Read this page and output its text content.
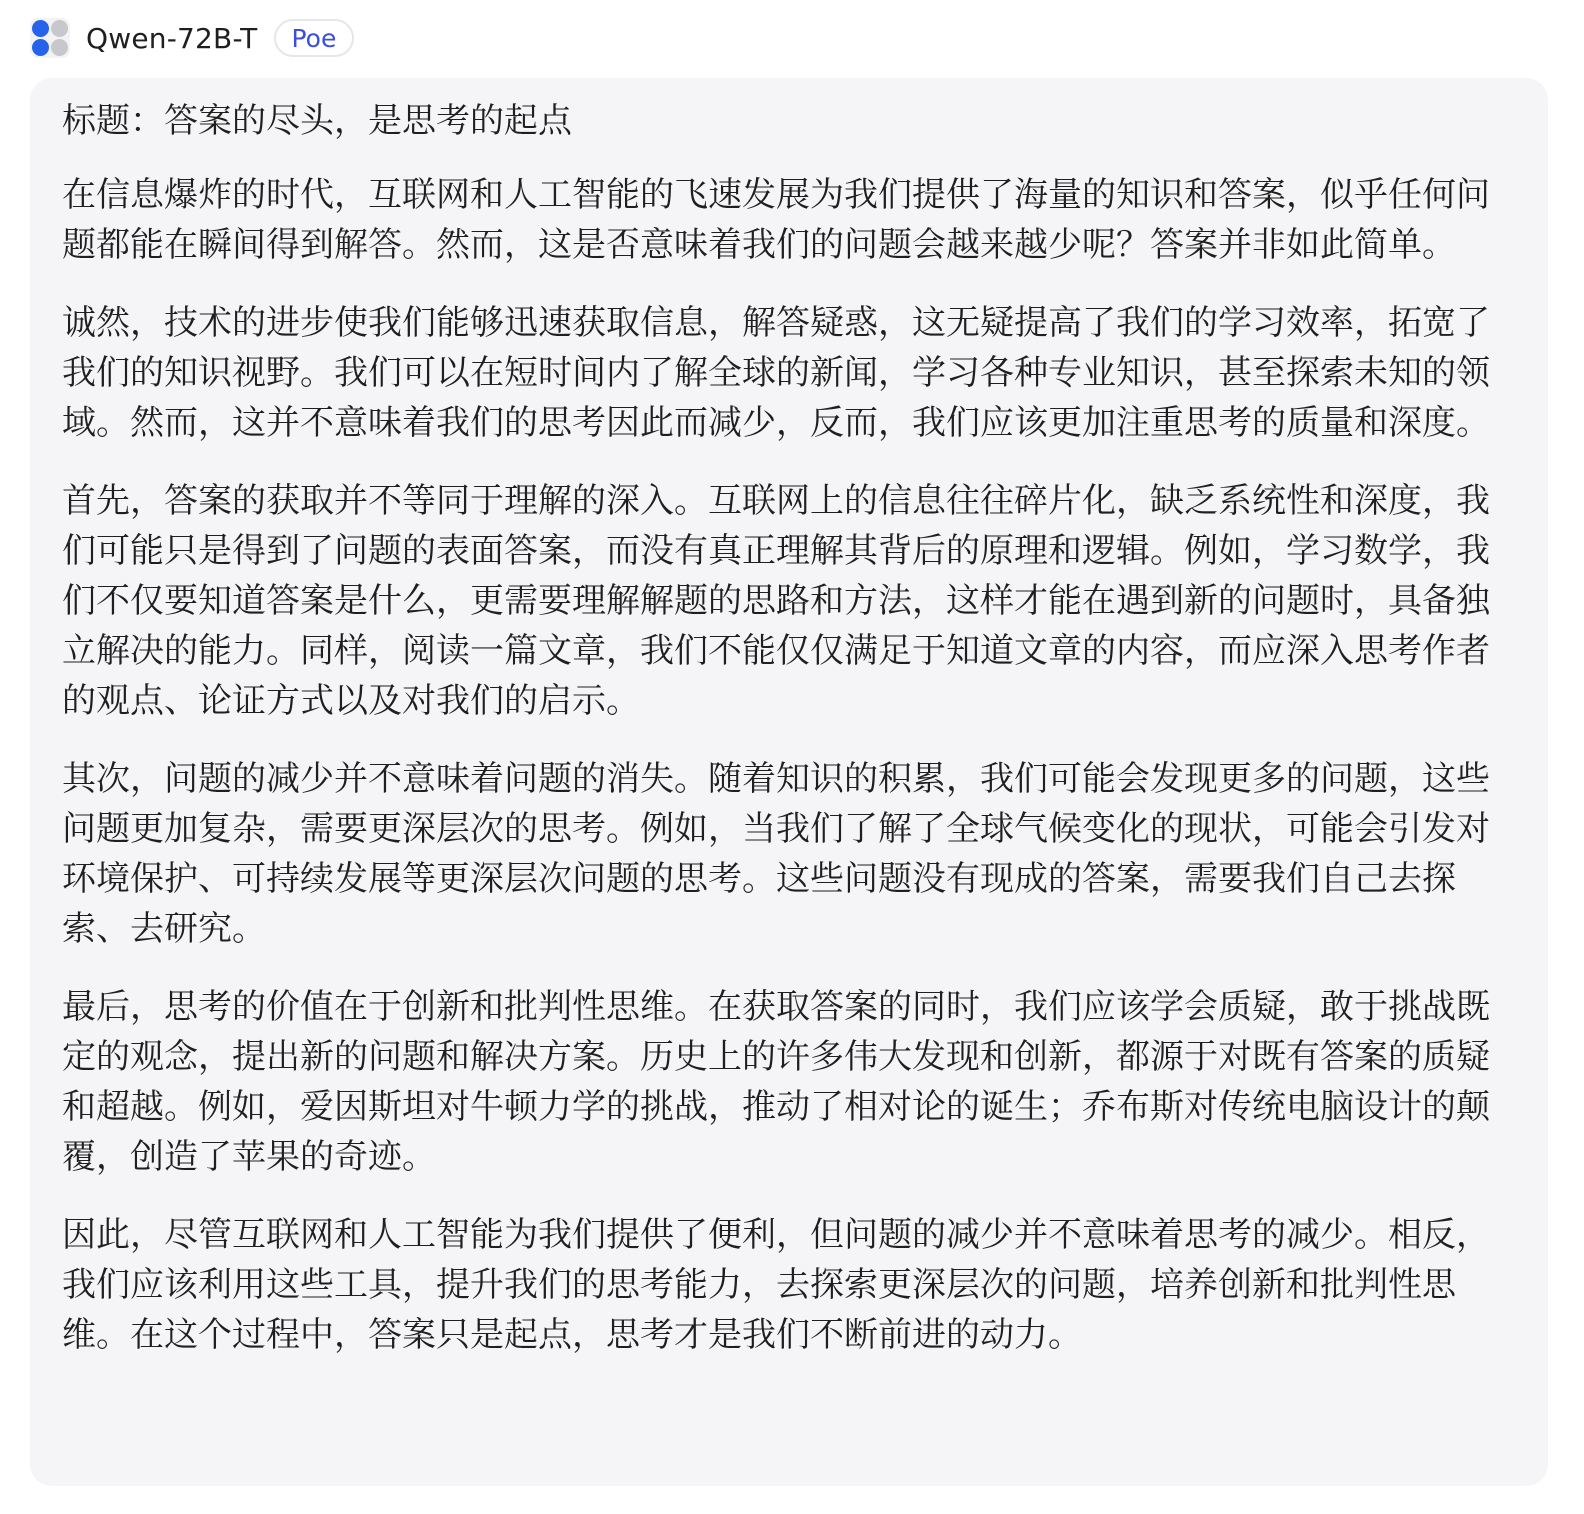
Qwen-72B-T	Poe

标题：答案的尽头，是思考的起点

在信息爆炸的时代，互联网和人工智能的飞速发展为我们提供了海量的知识和答案，似乎任何问题都能在瞬间得到解答。然而，这是否意味着我们的问题会越来越少呢？答案并非如此简单。

诚然，技术的进步使我们能够迅速获取信息，解答疑惑，这无疑提高了我们的学习效率，拓宽了我们的知识视野。我们可以在短时间内了解全球的新闻，学习各种专业知识，甚至探索未知的领域。然而，这并不意味着我们的思考因此而减少，反而，我们应该更加注重思考的质量和深度。

首先，答案的获取并不等同于理解的深入。互联网上的信息往往碎片化，缺乏系统性和深度，我们可能只是得到了问题的表面答案，而没有真正理解其背后的原理和逻辑。例如，学习数学，我们不仅要知道答案是什么，更需要理解解题的思路和方法，这样才能在遇到新的问题时，具备独立解决的能力。同样，阅读一篇文章，我们不能仅仅满足于知道文章的内容，而应深入思考作者的观点、论证方式以及对我们的启示。

其次，问题的减少并不意味着问题的消失。随着知识的积累，我们可能会发现更多的问题，这些问题更加复杂，需要更深层次的思考。例如，当我们了解了全球气候变化的现状，可能会引发对环境保护、可持续发展等更深层次问题的思考。这些问题没有现成的答案，需要我们自己去探索、去研究。

最后，思考的价值在于创新和批判性思维。在获取答案的同时，我们应该学会质疑，敢于挑战既定的观念，提出新的问题和解决方案。历史上的许多伟大发现和创新，都源于对既有答案的质疑和超越。例如，爱因斯坦对牛顿力学的挑战，推动了相对论的诞生；乔布斯对传统电脑设计的颠覆，创造了苹果的奇迹。

因此，尽管互联网和人工智能为我们提供了便利，但问题的减少并不意味着思考的减少。相反，我们应该利用这些工具，提升我们的思考能力，去探索更深层次的问题，培养创新和批判性思维。在这个过程中，答案只是起点，思考才是我们不断前进的动力。
